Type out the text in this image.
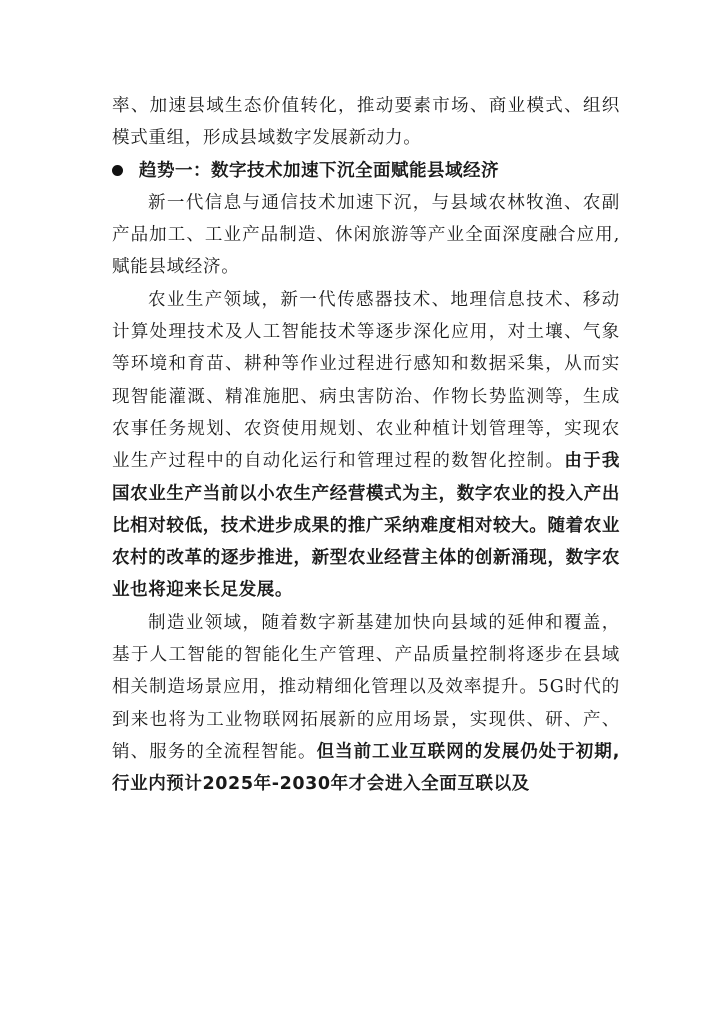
率、加速县域生态价值转化，推动要素市场、商业模式、组织模式重组，形成县域数字发展新动力。

趋势一：数字技术加速下沉全面赋能县域经济

新一代信息与通信技术加速下沉，与县域农林牧渔、农副产品加工、工业产品制造、休闲旅游等产业全面深度融合应用,赋能县域经济。

农业生产领域，新一代传感器技术、地理信息技术、移动计算处理技术及人工智能技术等逐步深化应用，对土壤、气象等环境和育苗、耕种等作业过程进行感知和数据采集，从而实现智能灌溉、精准施肥、病虫害防治、作物长势监测等，生成农事任务规划、农资使用规划、农业种植计划管理等，实现农业生产过程中的自动化运行和管理过程的数智化控制。由于我国农业生产当前以小农生产经营模式为主，数字农业的投入产出比相对较低，技术进步成果的推广采纳难度相对较大。随着农业农村的改革的逐步推进，新型农业经营主体的创新涌现，数字农业也将迎来长足发展。

制造业领域，随着数字新基建加快向县域的延伸和覆盖，基于人工智能的智能化生产管理、产品质量控制将逐步在县域相关制造场景应用，推动精细化管理以及效率提升。5G时代的到来也将为工业物联网拓展新的应用场景，实现供、研、产、销、服务的全流程智能。但当前工业互联网的发展仍处于初期,行业内预计2025年-2030年才会进入全面互联以及
